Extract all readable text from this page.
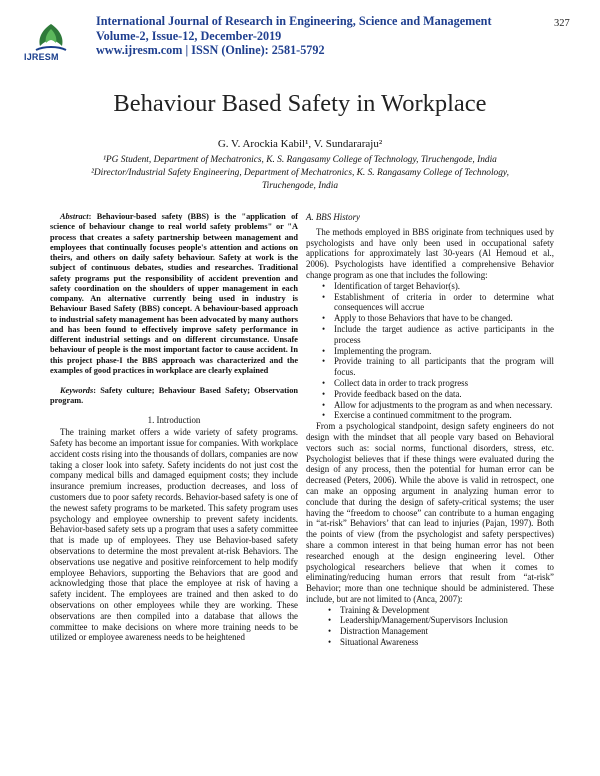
IJRESM
International Journal of Research in Engineering, Science and Management
Volume-2, Issue-12, December-2019
www.ijresm.com | ISSN (Online): 2581-5792
327
Behaviour Based Safety in Workplace
G. V. Arockia Kabil¹, V. Sundararaju²
¹PG Student, Department of Mechatronics, K. S. Rangasamy College of Technology, Tiruchengode, India
²Director/Industrial Safety Engineering, Department of Mechatronics, K. S. Rangasamy College of Technology, Tiruchengode, India

Abstract: Behaviour-based safety (BBS) is the "application of science of behaviour change to real world safety problems" or "A process that creates a safety partnership between management and employees that continually focuses people's attention and actions on theirs, and others on daily safety behaviour. Safety at work is the subject of continuous debates, studies and researches. Traditional safety programs put the responsibility of accident prevention and safety coordination on the shoulders of upper management in each company. An alternative currently being used in industry is Behaviour Based Safety (BBS) concept. A behaviour-based approach to industrial safety management has been advocated by many authors and has been found to effectively improve safety performance in different industrial settings and on different circumstance. Unsafe behaviour of people is the most important factor to cause accident. In this project phase-I the BBS approach was characterized and the examples of good practices in workplace are clearly explained

Keywords: Safety culture; Behaviour Based Safety; Observation program.

1. Introduction

The training market offers a wide variety of safety programs. Safety has become an important issue for companies. With workplace accident costs rising into the thousands of dollars, companies are now taking a closer look into safety. Safety incidents do not just cost the company medical bills and damaged equipment costs; they include insurance premium increases, production decreases, and loss of customers due to poor safety records. Behavior-based safety is one of the newest safety programs to be marketed. This safety program uses psychology and employee ownership to prevent safety incidents. Behavior-based safety sets up a program that uses a safety committee that is made up of employees. They use Behavior-based safety observations to determine the most prevalent at-risk Behaviors. The observations use negative and positive reinforcement to help modify employee Behaviors, supporting the Behaviors that are good and acknowledging those that place the employee at risk of having a safety incident. The employees are trained and then asked to do observations on other employees while they are working. These observations are then compiled into a database that allows the committee to make decisions on where more training needs to be utilized or employee awareness needs to be heightened

A. BBS History

The methods employed in BBS originate from techniques used by psychologists and have only been used in occupational safety applications for approximately last 30-years (Al Hemoud et al., 2006). Psychologists have identified a comprehensive Behavior change program as one that includes the following:

• Identification of target Behavior(s).
• Establishment of criteria in order to determine what consequences will accrue
• Apply to those Behaviors that have to be changed.
• Include the target audience as active participants in the process
• Implementing the program.
• Provide training to all participants that the program will focus.
• Collect data in order to track progress
• Provide feedback based on the data.
• Allow for adjustments to the program as and when necessary.
• Exercise a continued commitment to the program.

From a psychological standpoint, design safety engineers do not design with the mindset that all people vary based on Behavioral vectors such as: social norms, functional disorders, stress, etc. Psychologist believes that if these things were evaluated during the design of any process, then the potential for human error can be decreased (Peters, 2006). While the above is valid in retrospect, one can make an opposing argument in analyzing human error to conclude that during the design of safety-critical systems; the user having the “freedom to choose” can contribute to a human engaging in “at-risk” Behaviors’ that can lead to injuries (Pajan, 1997). Both the points of view (from the psychologist and safety perspectives) share a common interest in that being human error has not been researched enough at the design engineering level. Other psychological researchers believe that when it comes to eliminating/reducing human errors that result from “at-risk” Behavior; more than one technique should be administered. These include, but are not limited to (Anca, 2007):

• Training & Development
• Leadership/Management/Supervisors Inclusion
• Distraction Management
• Situational Awareness
